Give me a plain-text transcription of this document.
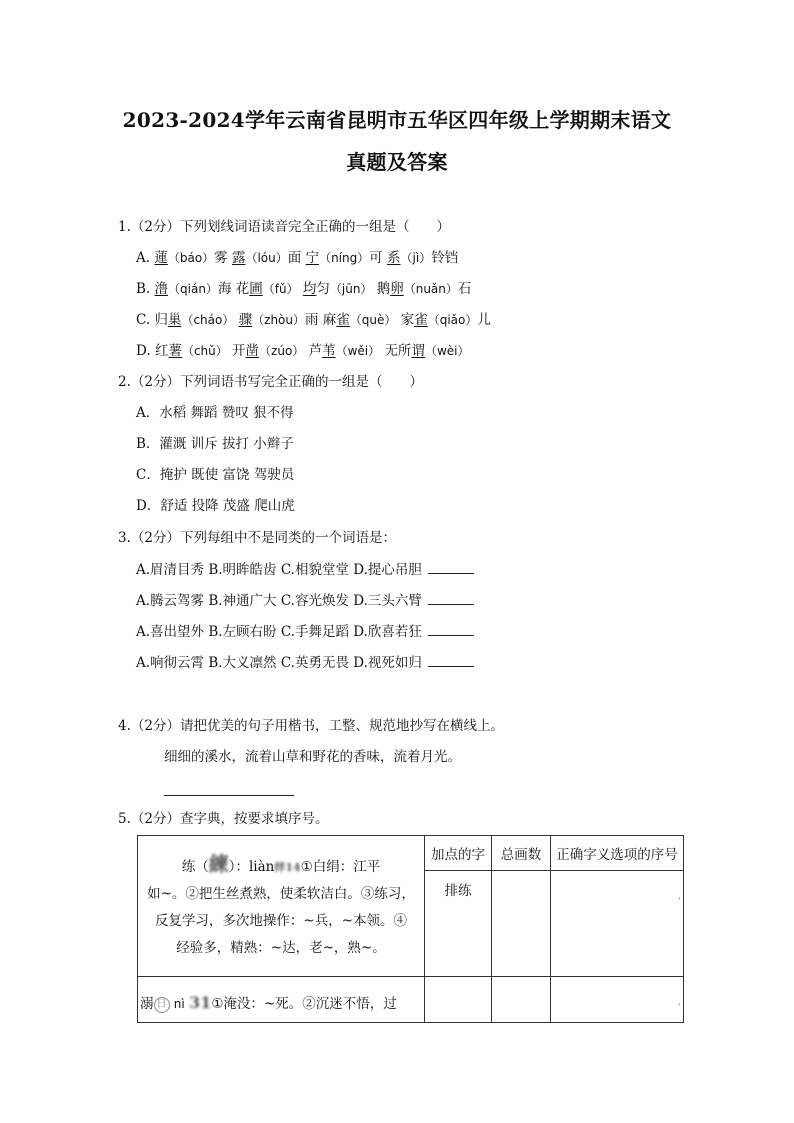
2023-2024学年云南省昆明市五华区四年级上学期期末语文
真题及答案
1.（2分）下列划线词语读音完全正确的一组是（　　）
A. 蓮（báo）雾 露（lóu）面 宁（níng）可 系（jì）铃铛
B. 澛（qián）海 花圃（fǔ） 均匀（jūn） 鹅卵（nuǎn）石
C. 归巢（cháo） 骤（zhòu）雨 麻雀（què） 家雀（qiǎo）儿
D. 红薯（chǔ） 开凿（zúo） 芦苇（wěi） 无所谓（wèi）
2.（2分）下列词语书写完全正确的一组是（　　）
A．水稻 舞蹈 赞叹 狠不得
B．灌溉 训斥 拔打 小辫子
C．掩护 既使 富饶 驾驶员
D．舒适 投降 茂盛 爬山虎
3.（2分）下列每组中不是同类的一个词语是：
A.眉清目秀 B.明眸皓齿 C.相貌堂堂 D.提心吊胆
A.腾云驾雾 B.神通广大 C.容光焕发 D.三头六臂
A.喜出望外 B.左顾右盼 C.手舞足蹈 D.欣喜若狂
A.响彻云霄 B.大义凛然 C.英勇无畏 D.视死如归
4.（2分）请把优美的句子用楷书，工整、规范地抄写在横线上。
细细的溪水，流着山草和野花的香味，流着月光。
5.（2分）查字典，按要求填序号。
练（練）：liàn绊14①白绢：江平
如~。②把生丝煮熟，使柔软洁白。③练习，
反复学习，多次地操作：~兵，~本领。④
经验多，精熟：~达，老~，熟~。	加点的字	总画数	正确字义选项的序号
	排练		.

溺 日 nì 31①淹没：~死。②沉迷不悟，过			.
